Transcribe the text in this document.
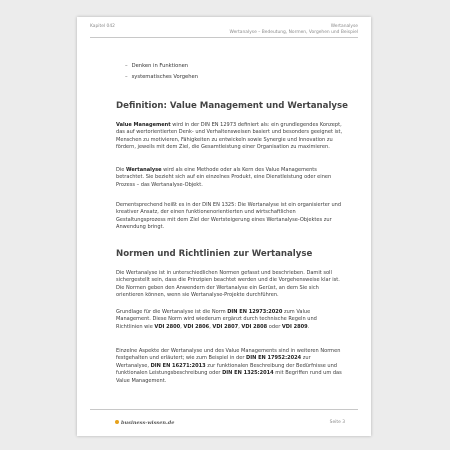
Kapitel 042	Wertanalyse
Wertanalyse – Bedeutung, Normen, Vorgehen und Beispiel
– Denken in Funktionen
– systematisches Vorgehen
Definition: Value Management und Wertanalyse

Value Management wird in der DIN EN 12973 definiert als: ein grundlegendes Konzept, das auf wertorientierten Denk- und Verhaltensweisen basiert und besonders geeignet ist, Menschen zu motivieren, Fähigkeiten zu entwickeln sowie Synergie und Innovation zu fördern, jeweils mit dem Ziel, die Gesamtleistung einer Organisation zu maximieren.

Die Wertanalyse wird als eine Methode oder als Kern des Value Managements betrachtet. Sie bezieht sich auf ein einzelnes Produkt, eine Dienstleistung oder einen Prozess – das Wertanalyse-Objekt.

Dementsprechend heißt es in der DIN EN 1325: Die Wertanalyse ist ein organisierter und kreativer Ansatz, der einen funktionenorientierten und wirtschaftlichen Gestaltungsprozess mit dem Ziel der Wertsteigerung eines Wertanalyse-Objektes zur Anwendung bringt.

Normen und Richtlinien zur Wertanalyse

Die Wertanalyse ist in unterschiedlichen Normen gefasst und beschrieben. Damit soll sichergestellt sein, dass die Prinzipien beachtet werden und die Vorgehensweise klar ist. Die Normen geben den Anwendern der Wertanalyse ein Gerüst, an dem Sie sich orientieren können, wenn sie Wertanalyse-Projekte durchführen.

Grundlage für die Wertanalyse ist die Norm DIN EN 12973:2020 zum Value Management. Diese Norm wird wiederum ergänzt durch technische Regeln und Richtlinien wie VDI 2800, VDI 2806, VDI 2807, VDI 2808 oder VDI 2809.

Einzelne Aspekte der Wertanalyse und des Value Managements sind in weiteren Normen festgehalten und erläutert; wie zum Beispiel in der DIN EN 17952:2024 zur Wertanalyse, DIN EN 16271:2013 zur funktionalen Beschreibung der Bedürfnisse und funktionalen Leistungsbeschreibung oder DIN EN 1325:2014 mit Begriffen rund um das Value Management.

business-wissen.de	Seite 3
